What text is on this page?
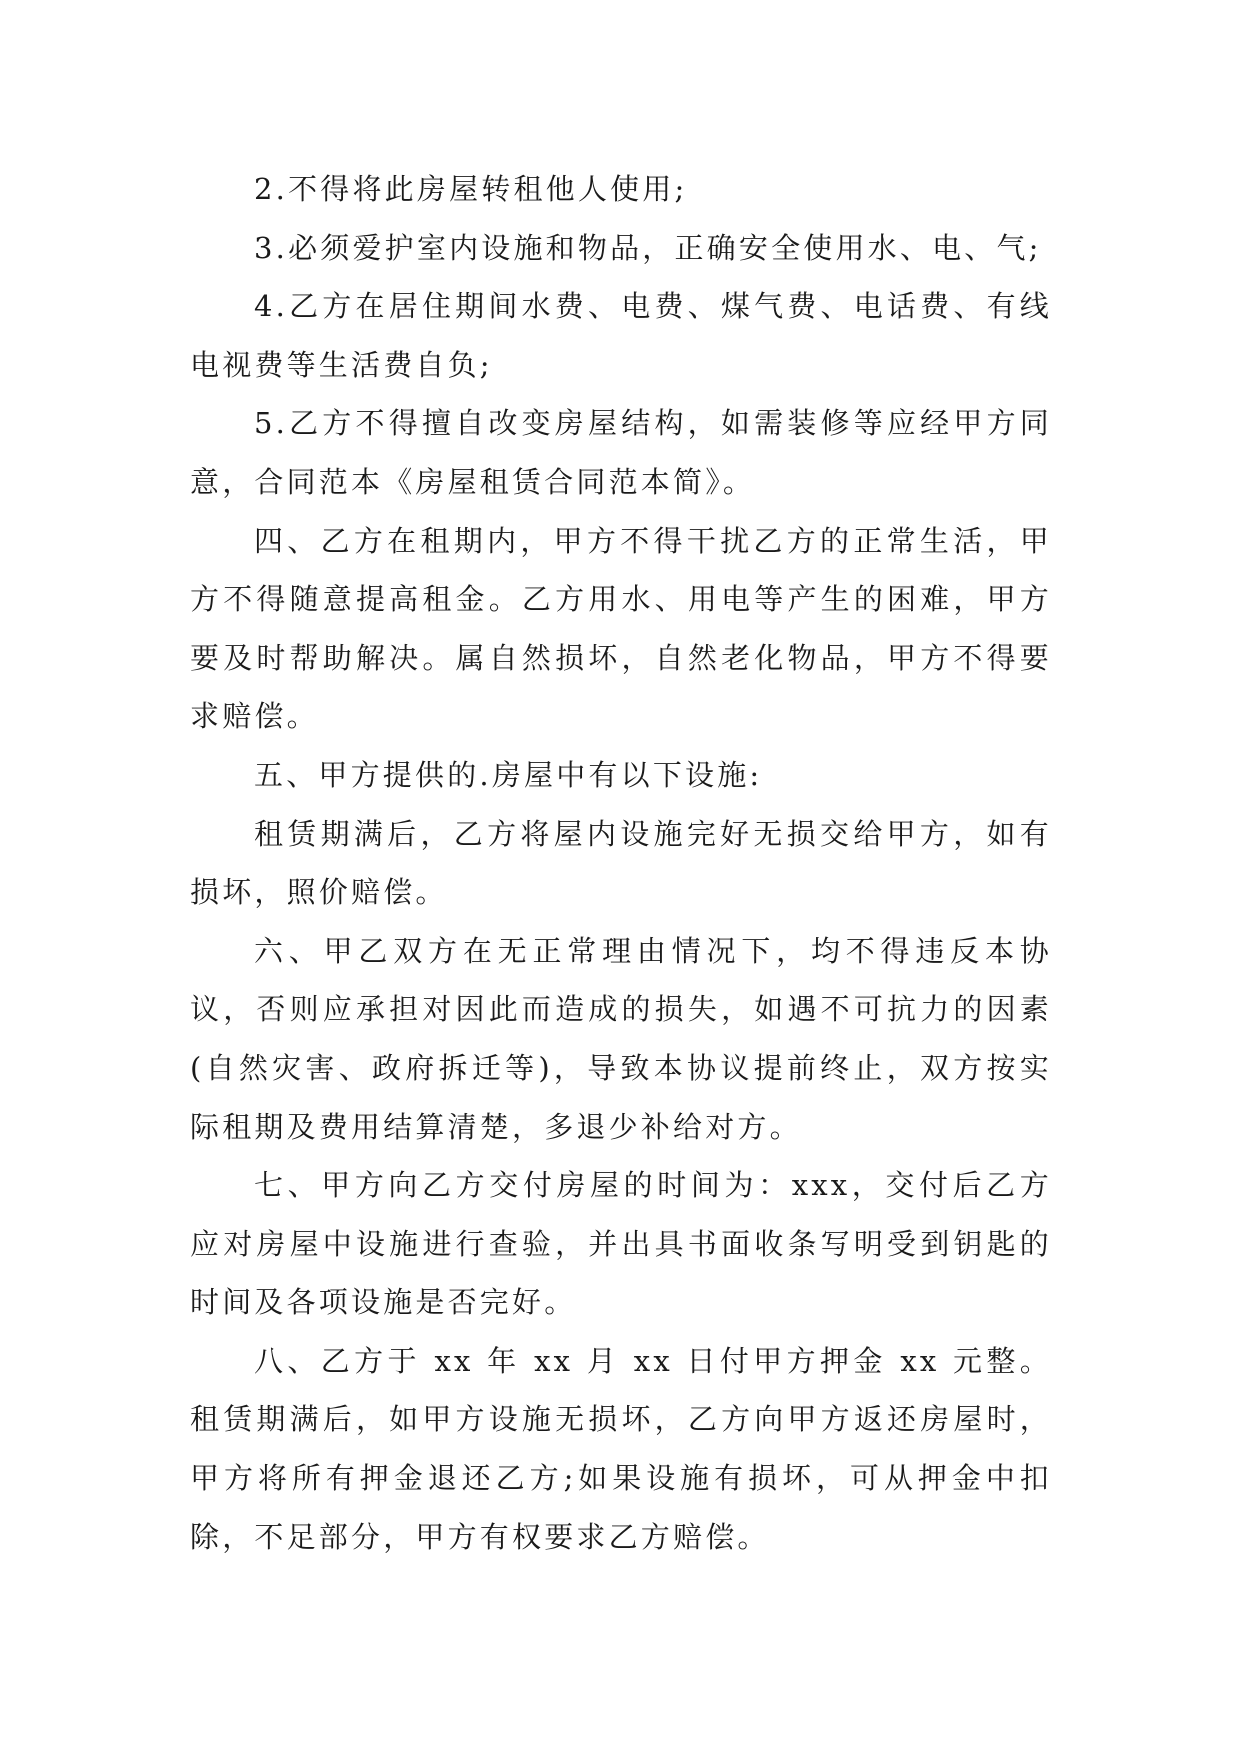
2.不得将此房屋转租他人使用;

3.必须爱护室内设施和物品，正确安全使用水、电、气;

4.乙方在居住期间水费、电费、煤气费、电话费、有线电视费等生活费自负;

5.乙方不得擅自改变房屋结构，如需装修等应经甲方同意，合同范本《房屋租赁合同范本简》。

四、乙方在租期内，甲方不得干扰乙方的正常生活，甲方不得随意提高租金。乙方用水、用电等产生的困难，甲方要及时帮助解决。属自然损坏，自然老化物品，甲方不得要求赔偿。

五、甲方提供的.房屋中有以下设施:

租赁期满后，乙方将屋内设施完好无损交给甲方，如有损坏，照价赔偿。

六、甲乙双方在无正常理由情况下，均不得违反本协议，否则应承担对因此而造成的损失，如遇不可抗力的因素(自然灾害、政府拆迁等)，导致本协议提前终止，双方按实际租期及费用结算清楚，多退少补给对方。

七、甲方向乙方交付房屋的时间为：xxx，交付后乙方应对房屋中设施进行查验，并出具书面收条写明受到钥匙的时间及各项设施是否完好。

八、乙方于 xx 年 xx 月 xx 日付甲方押金 xx 元整。租赁期满后，如甲方设施无损坏，乙方向甲方返还房屋时，甲方将所有押金退还乙方;如果设施有损坏，可从押金中扣除，不足部分，甲方有权要求乙方赔偿。
